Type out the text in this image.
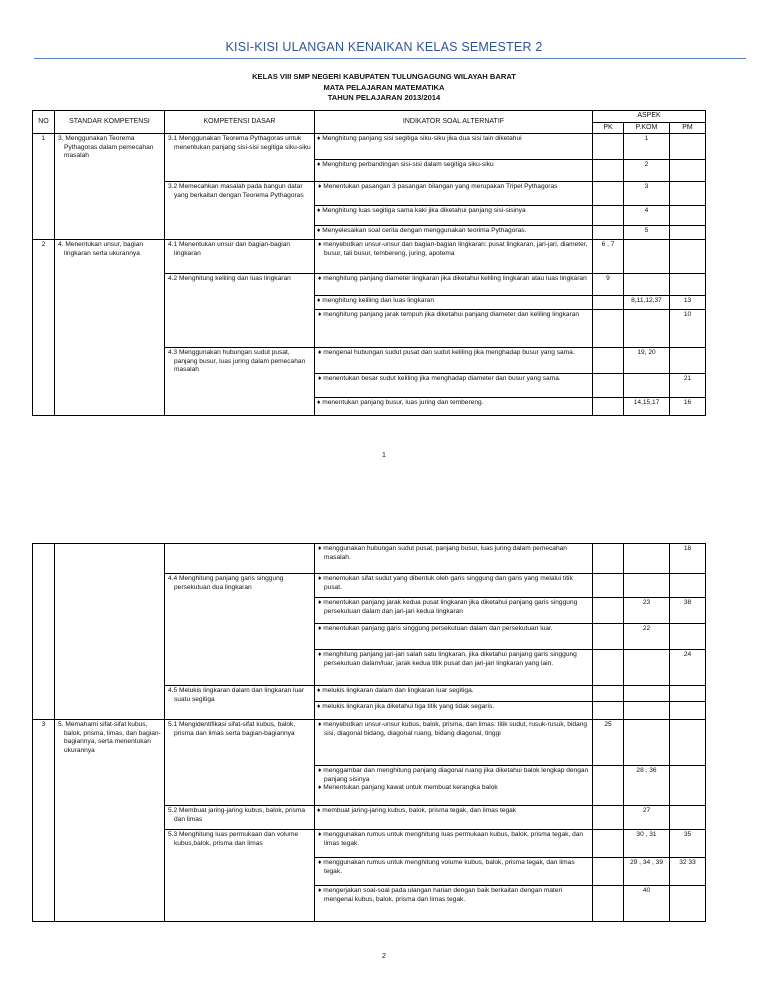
KISI-KISI ULANGAN KENAIKAN KELAS SEMESTER 2
KELAS VIII SMP NEGERI KABUPATEN TULUNGAGUNG WILAYAH BARAT
MATA PELAJARAN MATEMATIKA
TAHUN PELAJARAN 2013/2014
NO	STANDAR KOMPETENSI	KOMPETENSI DASAR	INDIKATOR SOAL ALTERNATIF	ASPEK		
				PK	P.KOM	PM
1	3. Menggunakan Teorema Pythagoras dalam pemecahan masalah	3.1 Menggunakan Teorema Pythagoras untuk menentukan panjang sisi-sisi segitiga siku-siku	♦ Menghitung panjang sisi segitiga siku-siku jika dua sisi lain diketahui		1	
			♦ Menghitung perbandingan sisi-sisi dalam segitiga siku-siku		2	

		3.2 Memecahkan masalah pada bangun datar yang berkaitan dengan Teorema Pythagoras	♦ Menentukan pasangan 3 pasangan bilangan yang merupakan Tripel Pythagoras		3	
			♦ Menghitung luas segitiga sama kaki jika diketahui panjang sisi-sisinya		4	
			♦ Menyelesaikan soal cerita dengan menggunakan teorima Pythagoras.		5	
2	4. Menentukan unsur, bagian lingkaran serta ukurannya	4.1 Menentukan unsur dan bagian-bagian lingkaran	♦ menyebutkan unsur-unsur dan bagian-bagian lingkaran: pusat lingkaran, jari-jari, diameter, busur, tali busur, tembereng, juring, apotema	6 , 7		

		4.2 Menghitung keliling dan luas lingkaran	♦ menghitung panjang diameter lingkaran jika diketahui keliling lingkaran atau luas lingkaran	9		
			♦ menghitung keliling dan luas lingkaran		8,11,12,37	13

			♦ menghitung panjang jarak tempuh jika diketahui panjang diameter dan keliling lingkaran			10

		4.3 Menggunakan hubungan sudut pusat, panjang busur, luas juring dalam pemecahan masalah	♦ mengenal hubungan sudut pusat dan sudut keliling jika menghadap busur yang sama.		19, 20	

			♦ menentukan besar sudut keliling jika menghadap diameter dan busur yang sama.			21
			♦ menentukan panjang busur, luas juring dan tembereng.		14,15,17	16
1

			♦ menggunakan hubungan sudut pusat, panjang busur, luas juring dalam pemecahan masalah.			18

		4.4 Menghitung panjang garis singgung persekutuan dua lingkaran	♦ menemukan sifat sudut yang dibentuk oleh garis singgung dan garis yang melalui titik pusat.			

			♦ menentukan panjang jarak kedua pusat lingkaran jika diketahui panjang garis singgung persekutuan dalam dan jari-jari kedua lingkaran		23	38

			♦ menentukan panjang garis singgung persekutuan dalam dan persekutuan luar.		22	

			♦ menghitung panjang jari-jari salah satu lingkaran, jika diketahui panjang garis singgung persekutuan dalam/luar, jarak kedua titik pusat dan jari-jari lingkaran yang lain.			24

		4.5 Melukis lingkaran dalam dan lingkaran luar suatu segitiga	♦ melukis lingkaran dalam dan lingkaran luar segitiga.			
			♦ melukis lingkaran jika diketahui tiga titik yang tidak segaris.			
3	5. Memahami sifat-sifat kubus, balok, prisma, limas, dan bagian-bagiannya, serta menentukan ukurannya	5.1 Mengidentifikasi sifat-sifat kubus, balok, prisma dan limas serta bagian-bagiannya	♦ menyebutkan unsur-unsur kubus, balok, prisma, dan limas: titik sudut, rusuk-rusuk, bidang sisi, diagonal bidang, diagonal ruang, bidang diagonal, tinggi	25		

			♦ menggambar dan menghitung panjang diagonal ruang jika diketahui balok lengkap dengan panjang sisinya
♦ Menentukan panjang kawat untuk membuat kerangka balok		28 , 36	

		5.2 Membuat jaring-jaring kubus, balok, prisma dan limas	♦ membuat jaring-jaring kubus, balok, prisma tegak, dan limas tegak		27	

		5.3 Menghitung luas permukaan dan volume kubus,balok, prisma dan limas	♦ menggunakan rumus untuk menghitung luas permukaan kubus, balok, prisma tegak, dan limas tegak.		30 , 31	35

			♦ menggunakan rumus untuk menghitung volume kubus, balok, prisma tegak, dan limas tegak.		29 , 34 , 39	32 33

			♦ mengerjakan soal-soal pada ulangan harian dengan baik berkaitan dengan materi mengenai kubus, balok, prisma dan limas tegak.		40	
2
